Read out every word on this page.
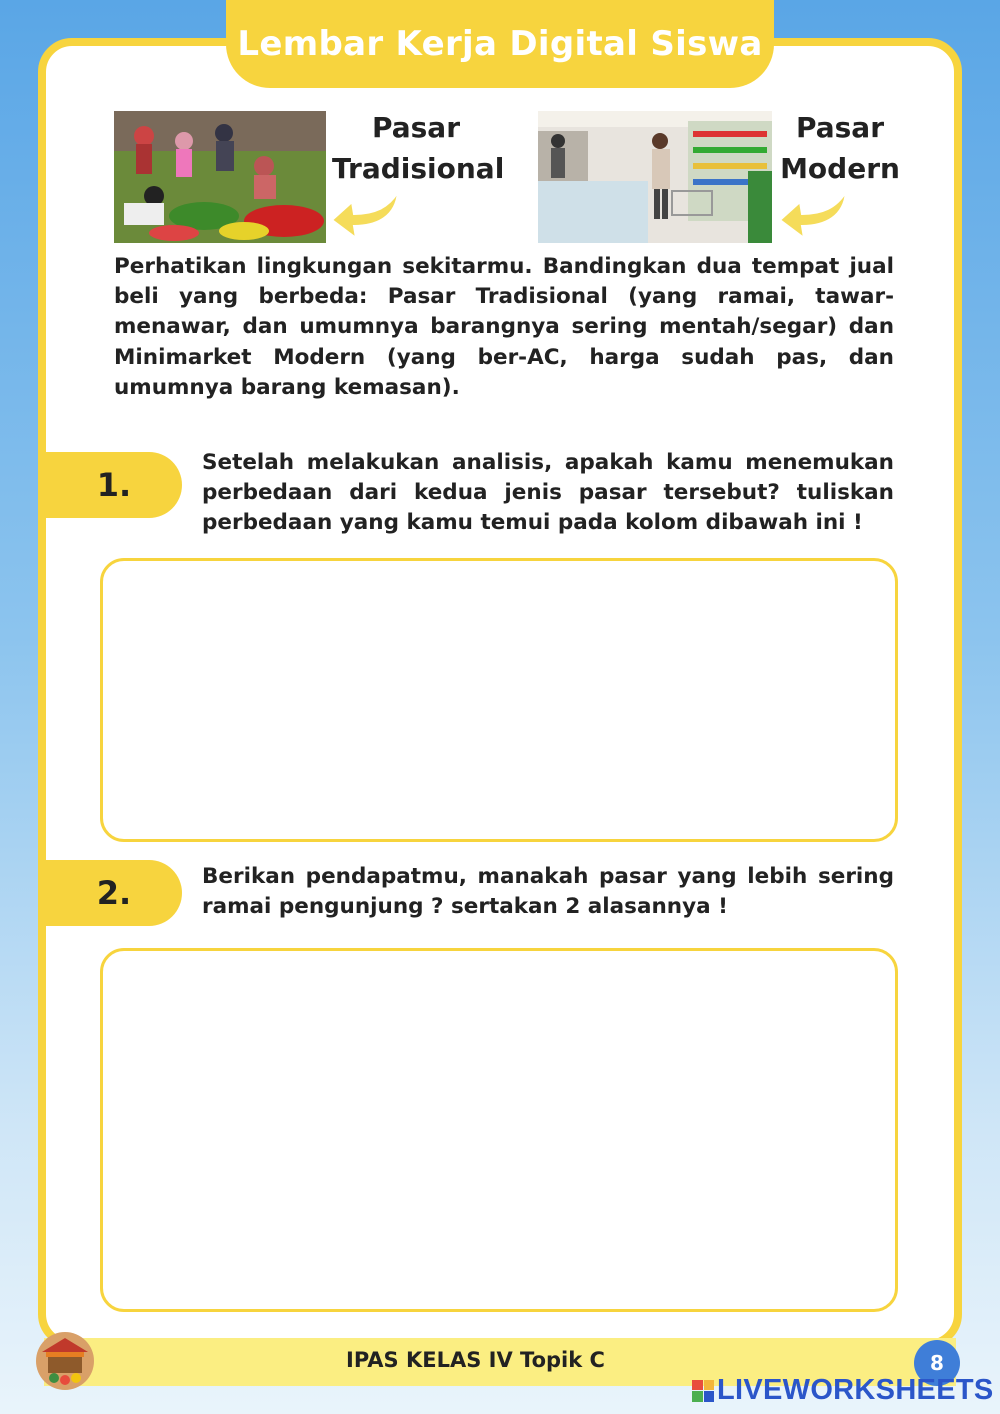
Lembar Kerja Digital Siswa
Pasar
Tradisional
Pasar
Modern

Perhatikan lingkungan sekitarmu. Bandingkan dua tempat jual beli yang berbeda: Pasar Tradisional (yang ramai, tawar-menawar, dan umumnya barangnya sering mentah/segar) dan Minimarket Modern (yang ber-AC, harga sudah pas, dan umumnya barang kemasan).

1.

Setelah melakukan analisis, apakah kamu menemukan perbedaan dari kedua jenis pasar tersebut? tuliskan perbedaan yang kamu temui pada kolom dibawah ini !

2.	Berikan pendapatmu, manakah pasar yang lebih sering ramai pengunjung ? sertakan 2 alasannya !

IPAS KELAS IV Topik C	8
LIVEWORKSHEETS
